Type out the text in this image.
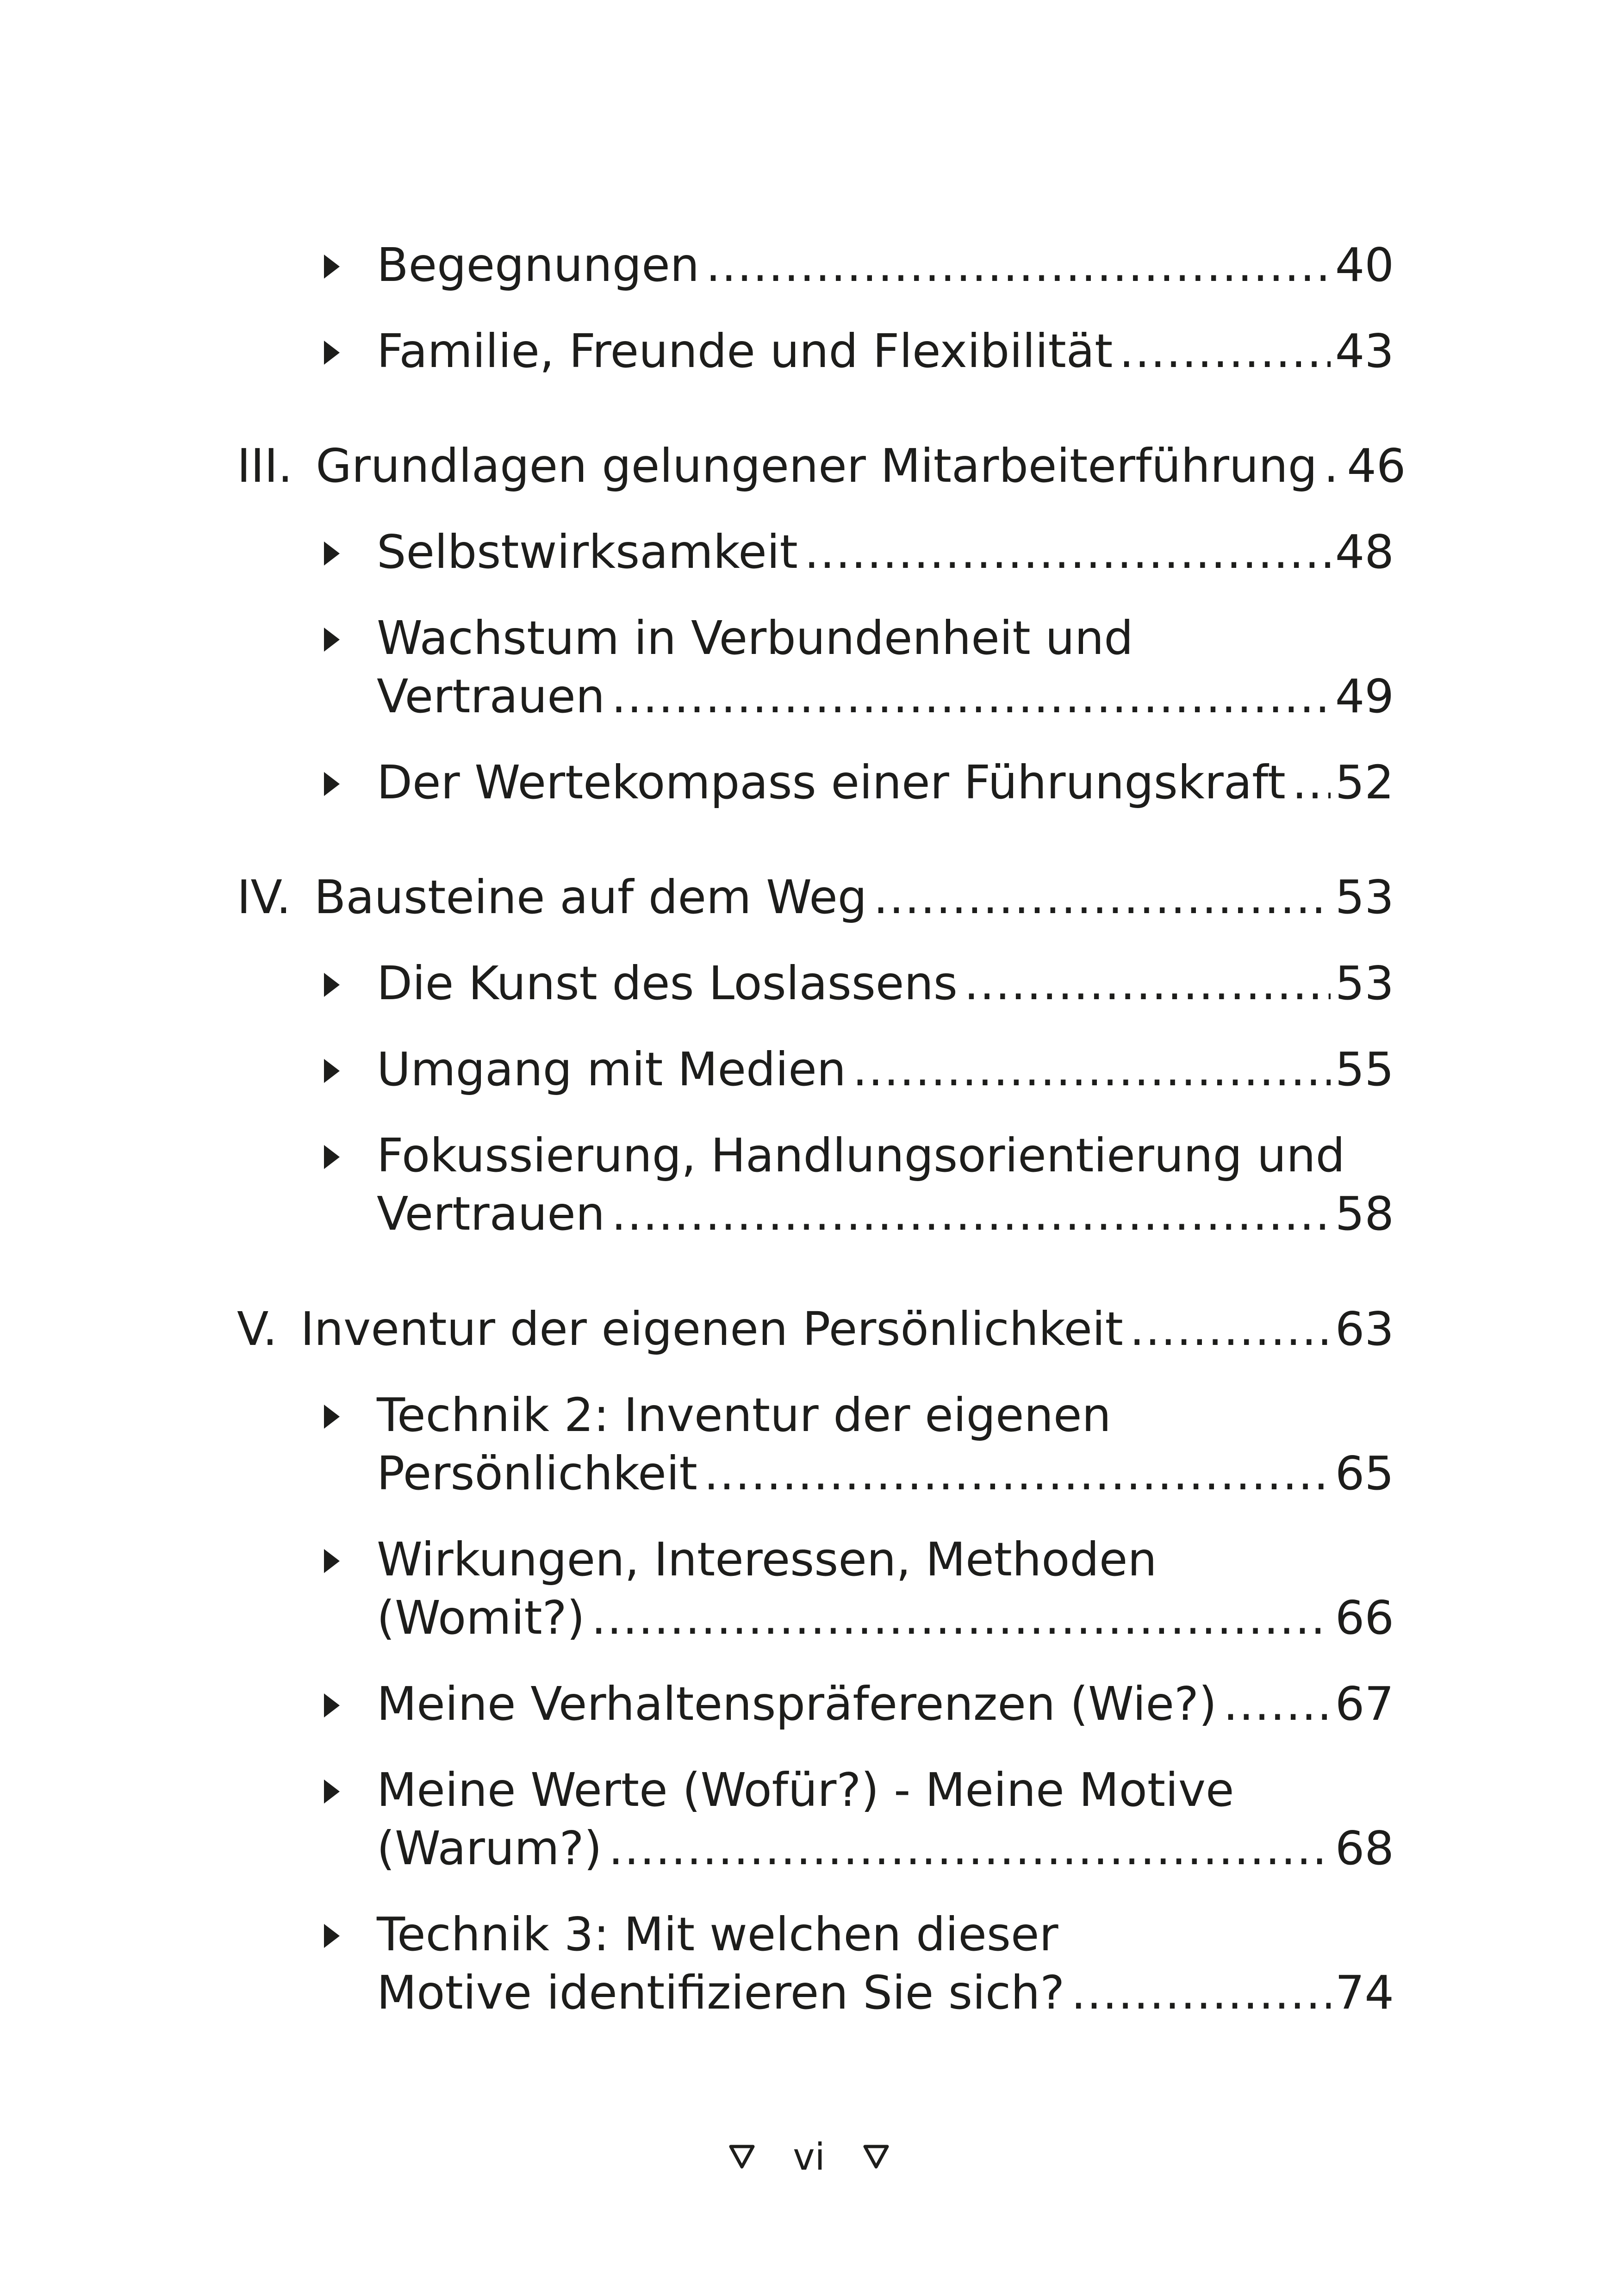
Begegnungen .....	40
Familie, Freunde und Flexibilität .....	43
III. Grundlagen gelungener Mitarbeiterführung ..... 46
Selbstwirksamkeit .....	48
Wachstum in Verbundenheit und
Vertrauen .....	49
Der Wertekompass einer Führungskraft ..... 52
IV. Bausteine auf dem Weg .....	53
Die Kunst des Loslassens .....	53
Umgang mit Medien .....	55
Fokussierung, Handlungsorientierung und
Vertrauen .....	58
V. Inventur der eigenen Persönlichkeit .....	63
Technik 2: Inventur der eigenen
Persönlichkeit .....	65
Wirkungen, Interessen, Methoden
(Womit?) .....	66
Meine Verhaltenspräferenzen (Wie?) .....	67
Meine Werte (Wofür?) - Meine Motive
(Warum?) .....	68
Technik 3: Mit welchen dieser
Motive identifizieren Sie sich? .....	74
vi
